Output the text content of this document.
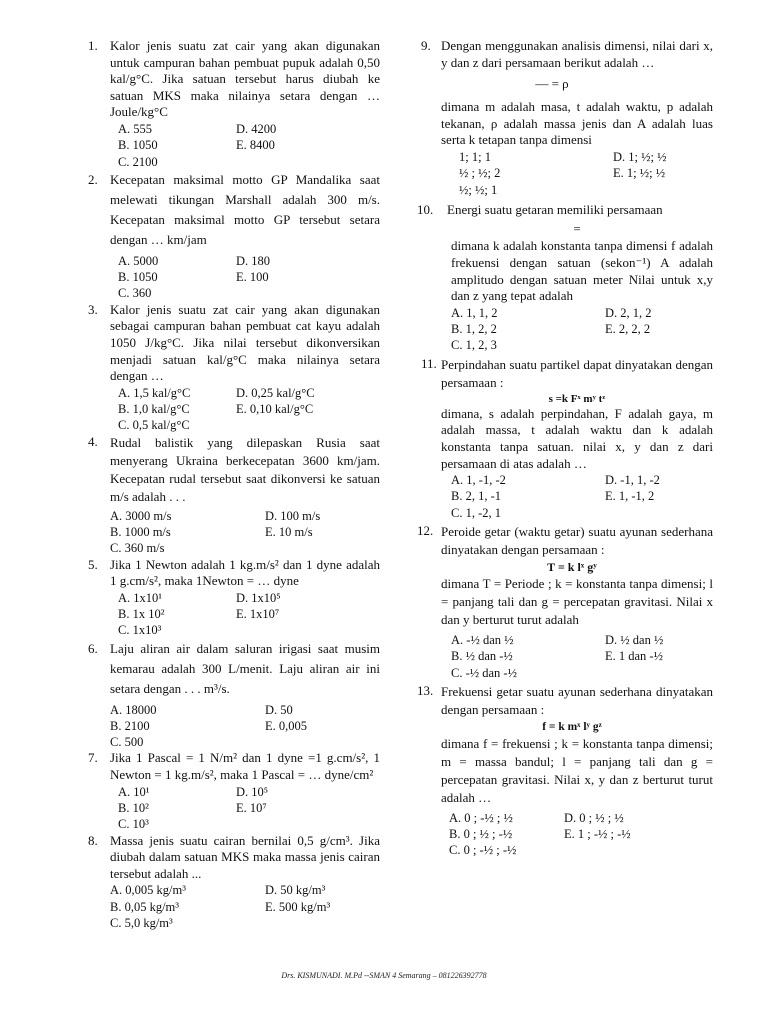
1. Kalor jenis suatu zat cair yang akan digunakan untuk campuran bahan pembuat pupuk adalah 0,50 kal/g°C. Jika satuan tersebut harus diubah ke satuan MKS maka nilainya setara dengan … Joule/kg°C
A. 555	D. 4200
B. 1050	E. 8400
C. 2100
2. Kecepatan maksimal motto GP Mandalika saat melewati tikungan Marshall adalah 300 m/s. Kecepatan maksimal motto GP tersebut setara dengan … km/jam
A. 5000	D. 180
B. 1050	E. 100
C. 360
3. Kalor jenis suatu zat cair yang akan digunakan sebagai campuran bahan pembuat cat kayu adalah 1050 J/kg°C. Jika nilai tersebut dikonversikan menjadi satuan kal/g°C maka nilainya setara dengan …
A. 1,5 kal/g°C	D. 0,25 kal/g°C
B. 1,0 kal/g°C	E. 0,10 kal/g°C
C. 0,5 kal/g°C
4. Rudal balistik yang dilepaskan Rusia saat menyerang Ukraina berkecepatan 3600 km/jam. Kecepatan rudal tersebut saat dikonversi ke satuan m/s adalah . . .
A. 3000 m/s	D. 100 m/s
B. 1000 m/s	E. 10 m/s
C. 360 m/s
5. Jika 1 Newton adalah 1 kg.m/s² dan 1 dyne adalah 1 g.cm/s², maka 1Newton = … dyne
A. 1x10¹	D. 1x10⁵
B. 1x 10²	E. 1x10⁷
C. 1x10³
6. Laju aliran air dalam saluran irigasi saat musim kemarau adalah 300 L/menit. Laju aliran air ini setara dengan . . . m³/s.
A. 18000	D. 50
B. 2100	E. 0,005
C. 500
7. Jika 1 Pascal = 1 N/m² dan 1 dyne =1 g.cm/s², 1 Newton = 1 kg.m/s², maka 1 Pascal = … dyne/cm²
A. 10¹	D. 10⁵
B. 10²	E. 10⁷
C. 10³
8. Massa jenis suatu cairan bernilai 0,5 g/cm³. Jika diubah dalam satuan MKS maka massa jenis cairan tersebut adalah ...
A. 0,005 kg/m³	D. 50 kg/m³
B. 0,05 kg/m³	E. 500 kg/m³
C. 5,0 kg/m³
9. Dengan menggunakan analisis dimensi, nilai dari x, y dan z dari persamaan berikut adalah …
— = ρ
dimana m adalah masa, t adalah waktu, p adalah tekanan, ρ adalah massa jenis dan A adalah luas serta k tetapan tanpa dimensi
1; 1; 1	D. 1; ½; ½
½ ; ½; 2	E. 1; ½; ½
½; ½; 1
10. Energi suatu getaran memiliki persamaan
=
dimana k adalah konstanta tanpa dimensi f adalah frekuensi dengan satuan (sekon⁻¹) A adalah amplitudo dengan satuan meter Nilai untuk x,y dan z yang tepat adalah
A. 1, 1, 2	D. 2, 1, 2
B. 1, 2, 2	E. 2, 2, 2
C. 1, 2, 3
11. Perpindahan suatu partikel dapat dinyatakan dengan persamaan :
s =k Fˣ mʸ tᶻ
dimana, s adalah perpindahan, F adalah gaya, m adalah massa, t adalah waktu dan k adalah konstanta tanpa satuan. nilai x, y dan z dari persamaan di atas adalah …
A. 1, -1, -2	D. -1, 1, -2
B. 2, 1, -1	E. 1, -1, 2
C. 1, -2, 1
12. Peroide getar (waktu getar) suatu ayunan sederhana dinyatakan dengan persamaan :
T = k lˣ gʸ
dimana T = Periode ; k = konstanta tanpa dimensi; l = panjang tali dan g = percepatan gravitasi. Nilai x dan y berturut turut adalah
A. -½ dan ½	D. ½ dan ½
B. ½ dan -½	E. 1 dan -½
C. -½ dan -½
13. Frekuensi getar suatu ayunan sederhana dinyatakan dengan persamaan :
f = k mˣ lʸ gᶻ
dimana f = frekuensi ; k = konstanta tanpa dimensi; m = massa bandul; l = panjang tali dan g = percepatan gravitasi. Nilai x, y dan z berturut turut adalah …
A. 0 ; -½ ; ½	D. 0 ; ½ ; ½
B. 0 ; ½ ; -½	E. 1 ; -½ ; -½
C. 0 ; -½ ; -½
Drs. KISMUNADI. M.Pd --SMAN 4 Semarang – 081226392778
